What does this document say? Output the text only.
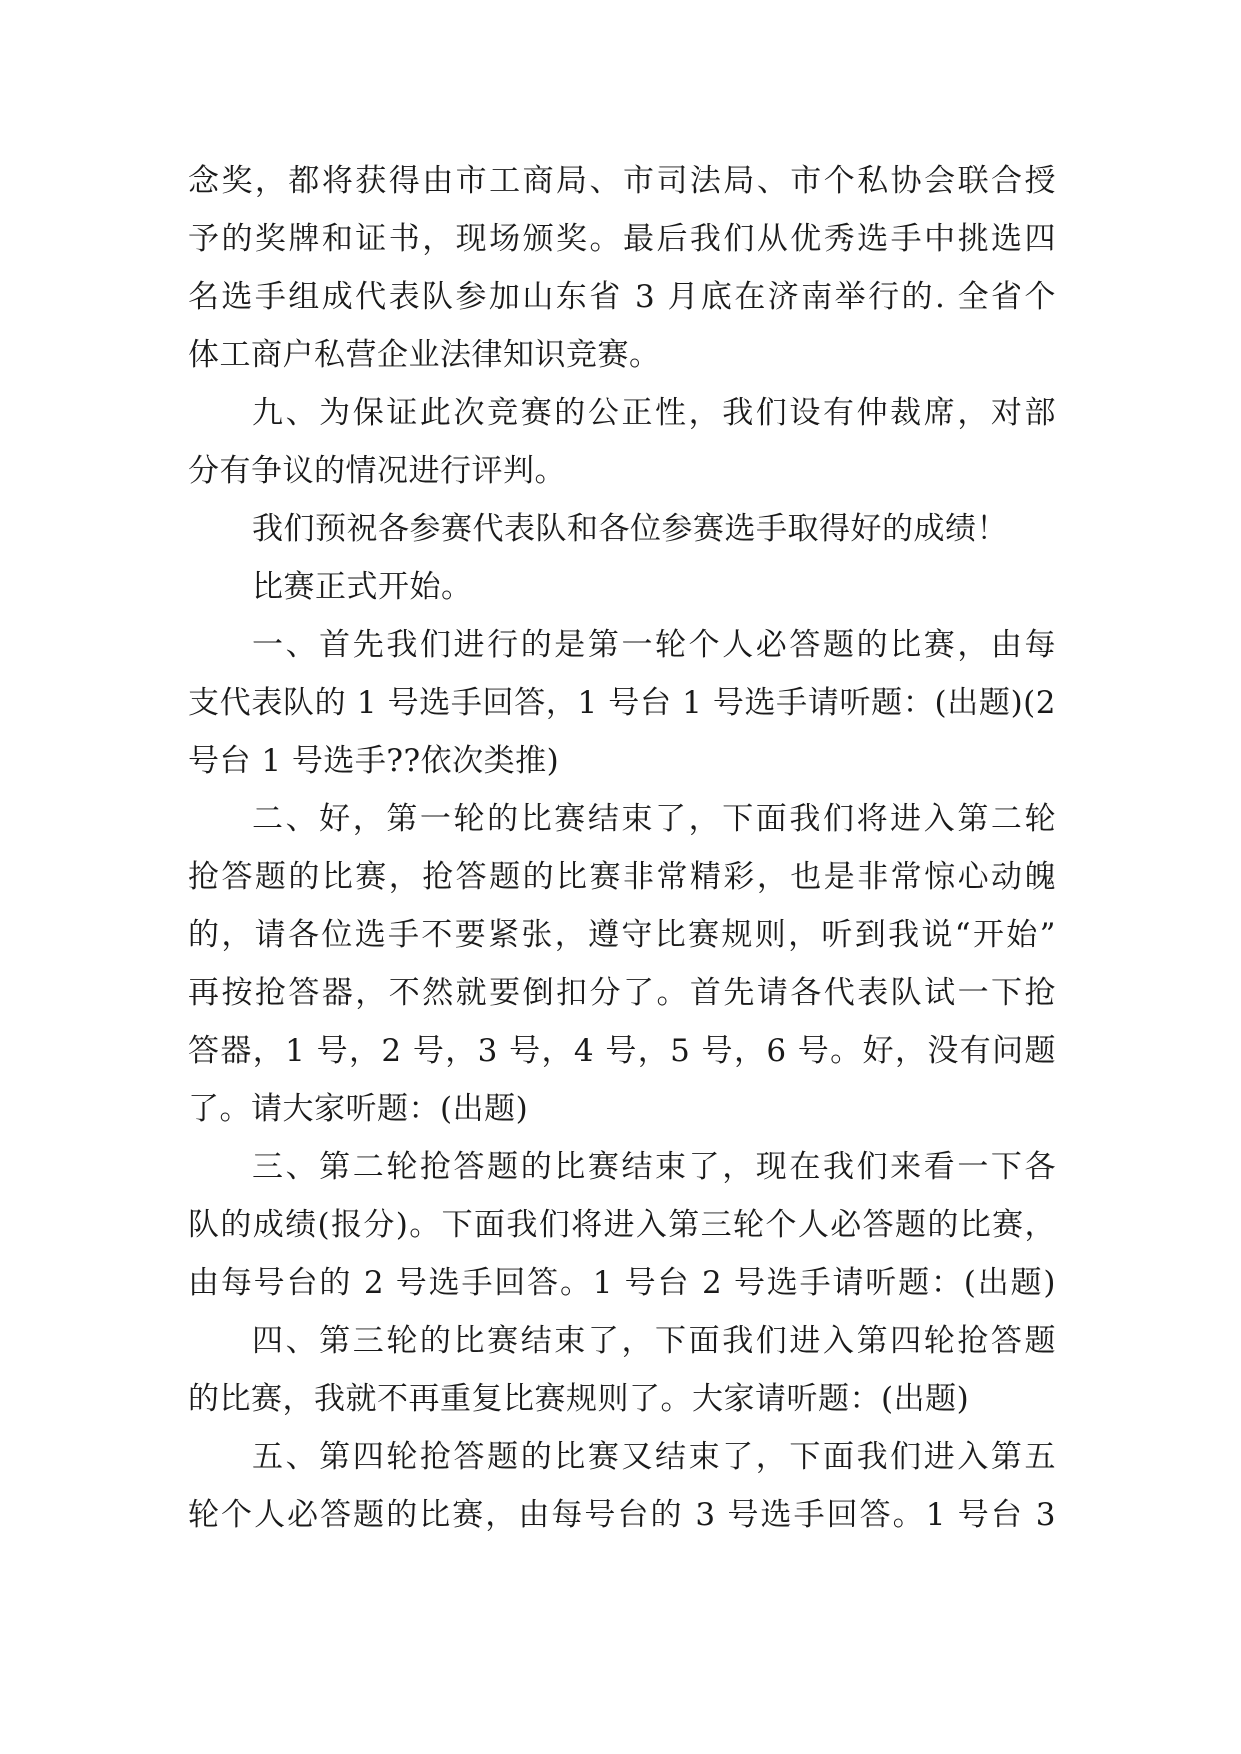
念奖，都将获得由市工商局、市司法局、市个私协会联合授
予的奖牌和证书，现场颁奖。最后我们从优秀选手中挑选四
名选手组成代表队参加山东省 3 月底在济南举行的. 全省个
体工商户私营企业法律知识竞赛。
九、为保证此次竞赛的公正性，我们设有仲裁席，对部
分有争议的情况进行评判。
我们预祝各参赛代表队和各位参赛选手取得好的成绩！
比赛正式开始。
一、首先我们进行的是第一轮个人必答题的比赛，由每
支代表队的 1 号选手回答，1 号台 1 号选手请听题：(出题)(2
号台 1 号选手??依次类推)
二、好，第一轮的比赛结束了，下面我们将进入第二轮
抢答题的比赛，抢答题的比赛非常精彩，也是非常惊心动魄
的，请各位选手不要紧张，遵守比赛规则，听到我说“开始”
再按抢答器，不然就要倒扣分了。首先请各代表队试一下抢
答器，1 号，2 号，3 号，4 号，5 号，6 号。好，没有问题
了。请大家听题：(出题)
三、第二轮抢答题的比赛结束了，现在我们来看一下各
队的成绩(报分)。下面我们将进入第三轮个人必答题的比赛，
由每号台的 2 号选手回答。1 号台 2 号选手请听题：(出题)
四、第三轮的比赛结束了，下面我们进入第四轮抢答题
的比赛，我就不再重复比赛规则了。大家请听题：(出题)
五、第四轮抢答题的比赛又结束了，下面我们进入第五
轮个人必答题的比赛，由每号台的 3 号选手回答。1 号台 3
